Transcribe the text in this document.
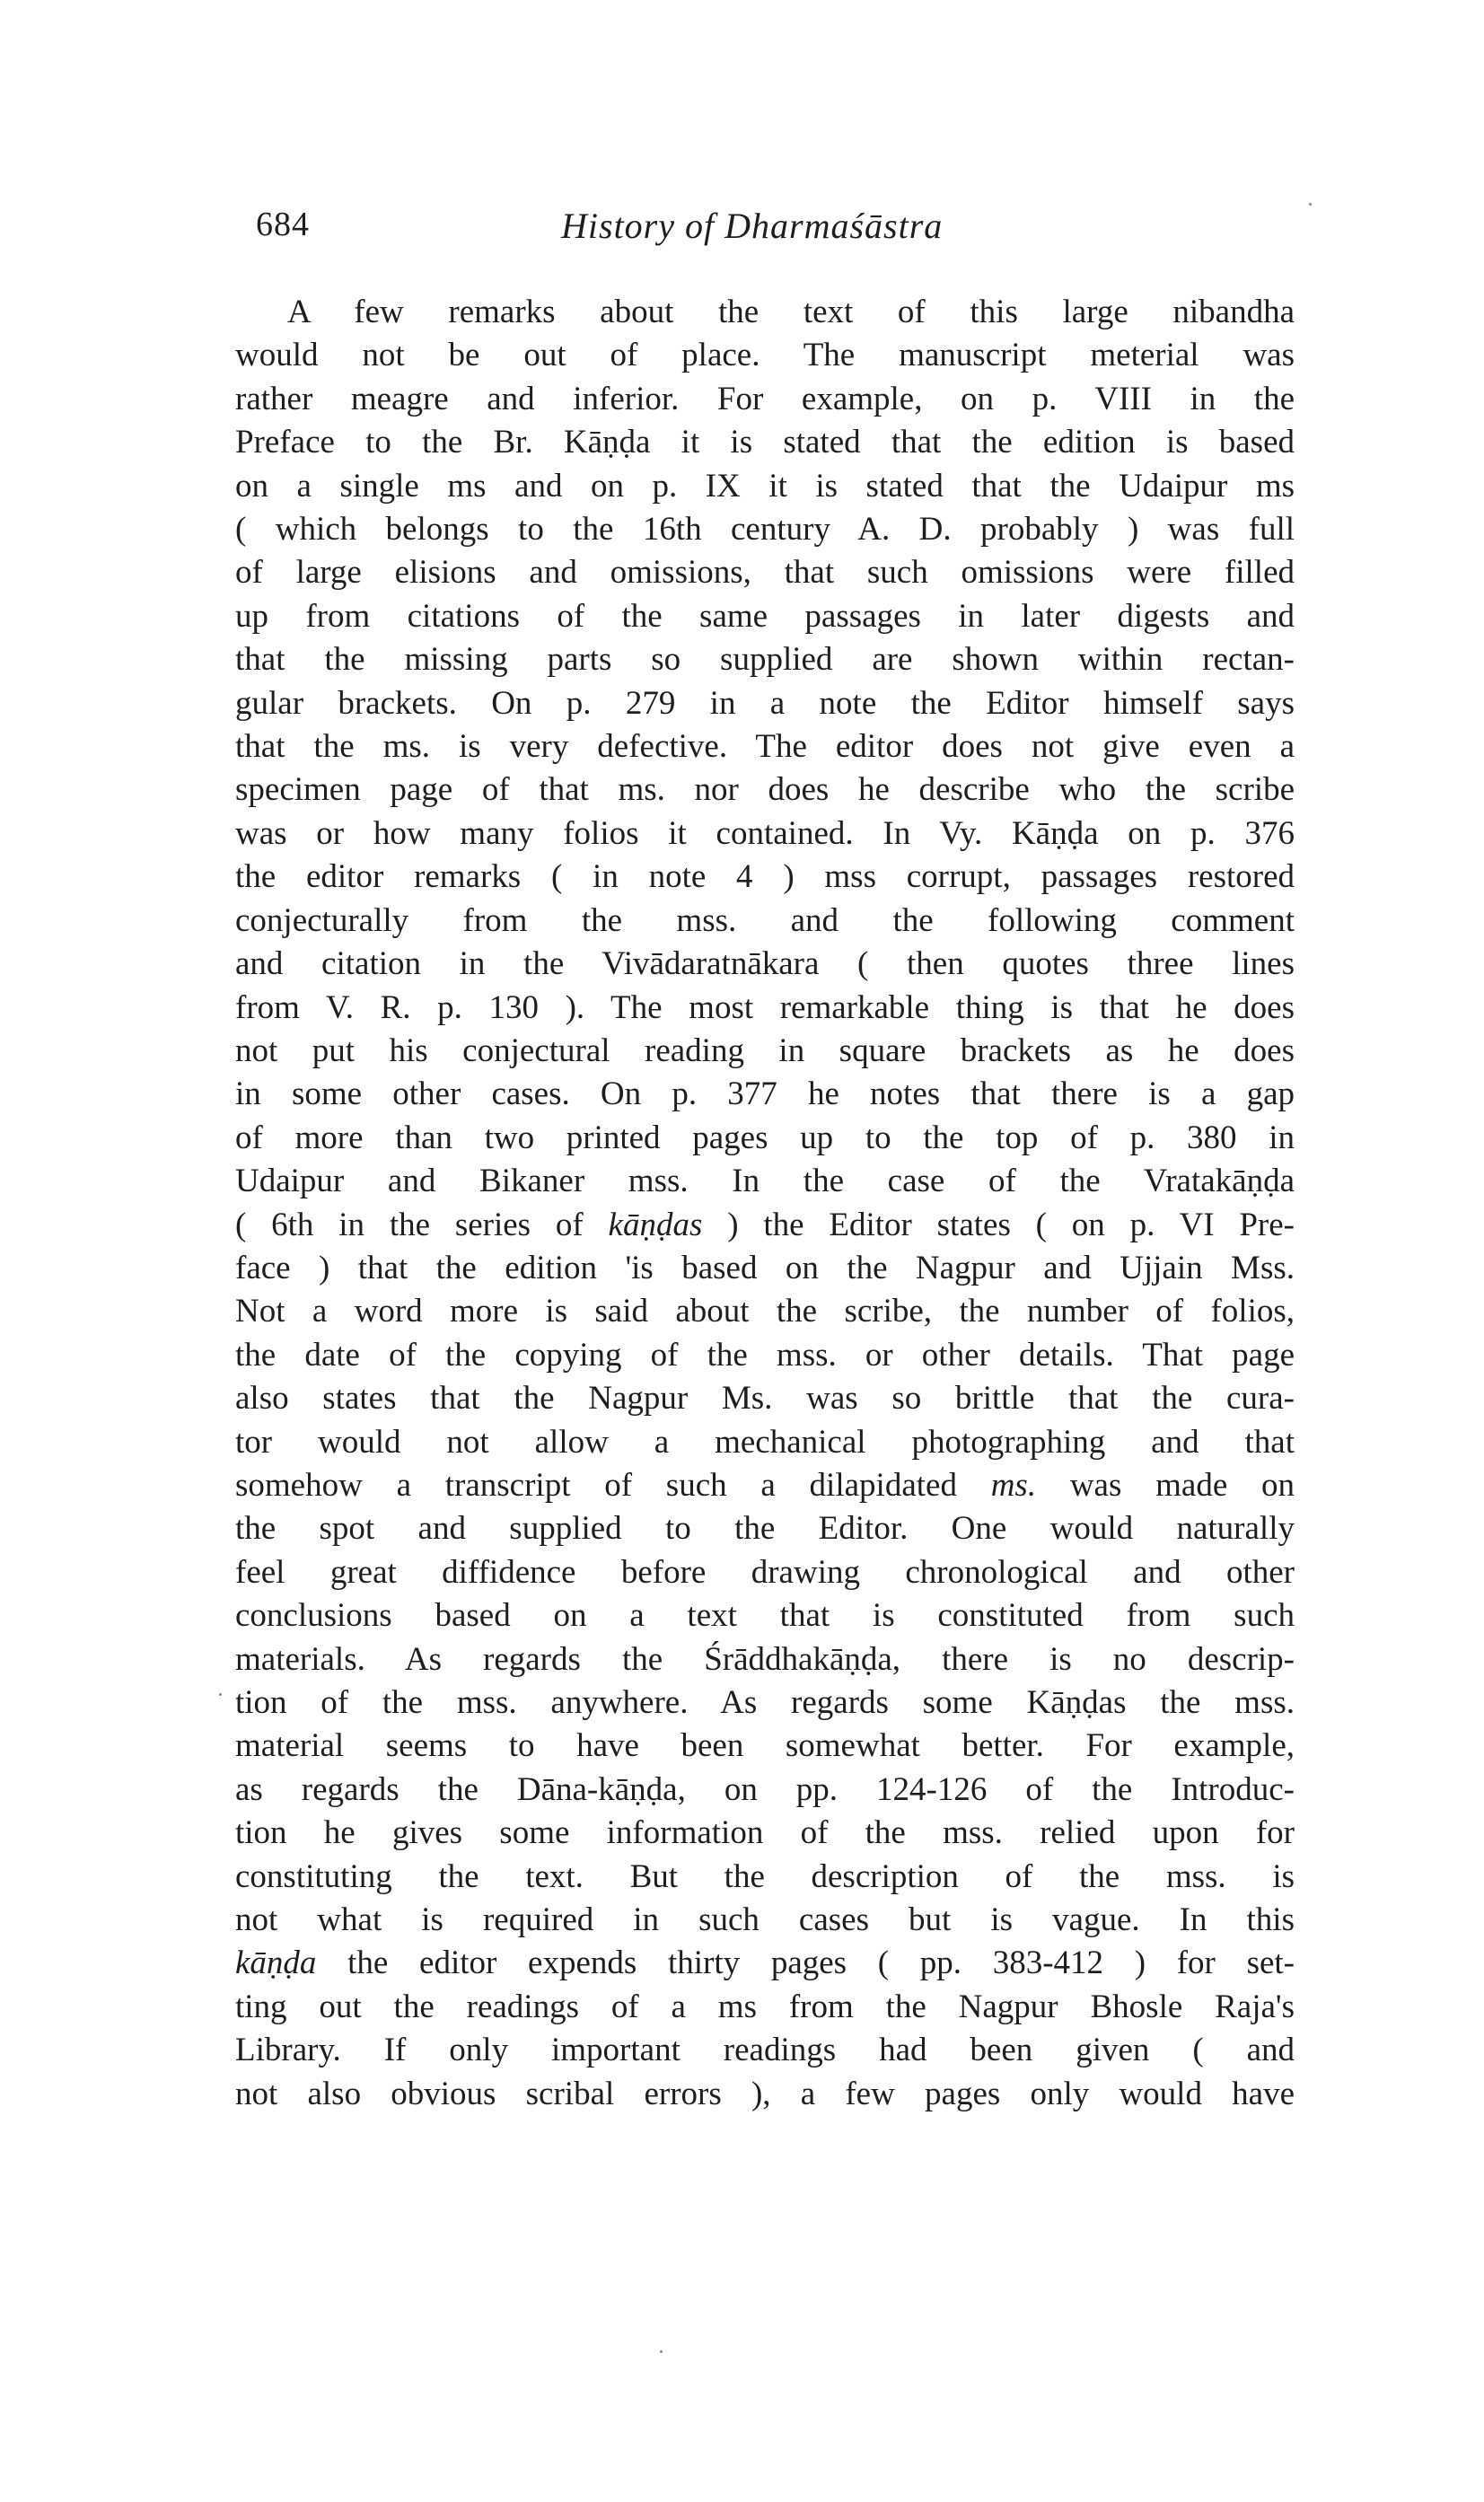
684	History of Dharmaśāstra
A few remarks about the text of this large nibandha
would not be out of place. The manuscript meterial was
rather meagre and inferior. For example, on p. VIII in the
Preface to the Br. Kāṇḍa it is stated that the edition is based
on a single ms and on p. IX it is stated that the Udaipur ms
( which belongs to the 16th century A. D. probably ) was full
of large elisions and omissions, that such omissions were filled
up from citations of the same passages in later digests and
that the missing parts so supplied are shown within rectan-
gular brackets. On p. 279 in a note the Editor himself says
that the ms. is very defective. The editor does not give even a
specimen page of that ms. nor does he describe who the scribe
was or how many folios it contained. In Vy. Kāṇḍa on p. 376
the editor remarks ( in note 4 ) mss corrupt, passages restored
conjecturally from the mss. and the following comment
and citation in the Vivādaratnākara ( then quotes three lines
from V. R. p. 130 ). The most remarkable thing is that he does
not put his conjectural reading in square brackets as he does
in some other cases. On p. 377 he notes that there is a gap
of more than two printed pages up to the top of p. 380 in
Udaipur and Bikaner mss. In the case of the Vratakāṇḍa
( 6th in the series of kāṇḍas ) the Editor states ( on p. VI Pre-
face ) that the edition 'is based on the Nagpur and Ujjain Mss.
Not a word more is said about the scribe, the number of folios,
the date of the copying of the mss. or other details. That page
also states that the Nagpur Ms. was so brittle that the cura-
tor would not allow a mechanical photographing and that
somehow a transcript of such a dilapidated ms. was made on
the spot and supplied to the Editor. One would naturally
feel great diffidence before drawing chronological and other
conclusions based on a text that is constituted from such
materials. As regards the Śrāddhakāṇḍa, there is no descrip-
tion of the mss. anywhere. As regards some Kāṇḍas the mss.
material seems to have been somewhat better. For example,
as regards the Dāna-kāṇḍa, on pp. 124-126 of the Introduc-
tion he gives some information of the mss. relied upon for
constituting the text. But the description of the mss. is
not what is required in such cases but is vague. In this
kāṇḍa the editor expends thirty pages ( pp. 383-412 ) for set-
ting out the readings of a ms from the Nagpur Bhosle Raja's
Library. If only important readings had been given ( and
not also obvious scribal errors ), a few pages only would have
